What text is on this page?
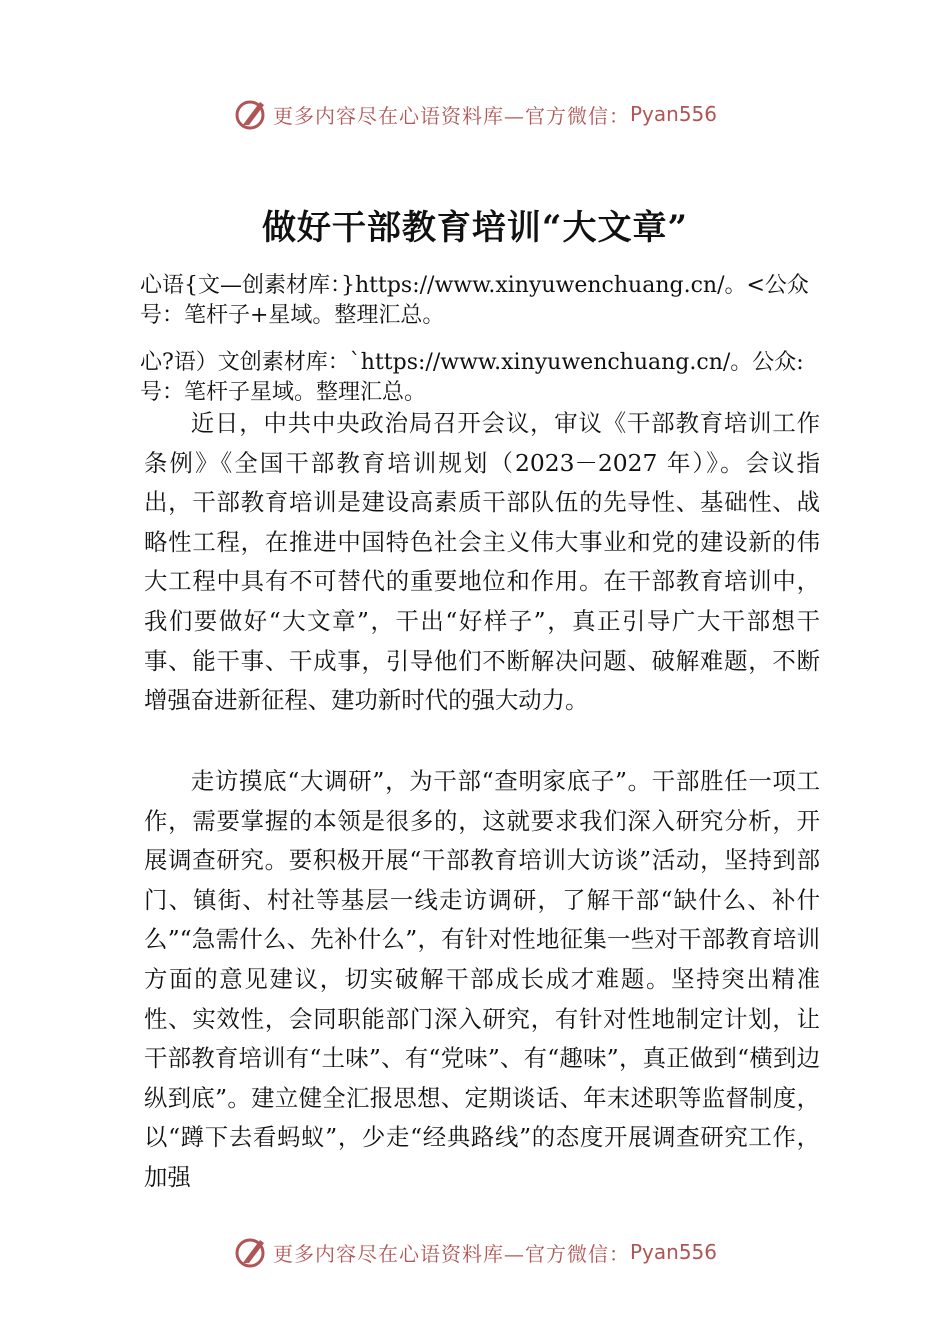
更多内容尽在心语资料库—官方微信： Pyan556
做好干部教育培训“大文章”

心语{文—创素材库：}https://www.xinyuwenchuang.cn/。<公众号：笔杆子+星域。整理汇总。

心?语）文创素材库：`https://www.xinyuwenchuang.cn/。公众:号：笔杆子星域。整理汇总。

近日，中共中央政治局召开会议，审议《干部教育培训工作条例》《全国干部教育培训规划（2023－2027 年）》。会议指出，干部教育培训是建设高素质干部队伍的先导性、基础性、战略性工程，在推进中国特色社会主义伟大事业和党的建设新的伟大工程中具有不可替代的重要地位和作用。在干部教育培训中，我们要做好“大文章”，干出“好样子”，真正引导广大干部想干事、能干事、干成事，引导他们不断解决问题、破解难题，不断增强奋进新征程、建功新时代的强大动力。

走访摸底“大调研”，为干部“查明家底子”。干部胜任一项工作，需要掌握的本领是很多的，这就要求我们深入研究分析，开展调查研究。要积极开展“干部教育培训大访谈”活动，坚持到部门、镇街、村社等基层一线走访调研，了解干部“缺什么、补什么”“急需什么、先补什么”，有针对性地征集一些对干部教育培训方面的意见建议，切实破解干部成长成才难题。坚持突出精准性、实效性，会同职能部门深入研究，有针对性地制定计划，让干部教育培训有“土味”、有“党味”、有“趣味”，真正做到“横到边纵到底”。建立健全汇报思想、定期谈话、年末述职等监督制度，以“蹲下去看蚂蚁”，少走“经典路线”的态度开展调查研究工作，加强

更多内容尽在心语资料库—官方微信： Pyan556
